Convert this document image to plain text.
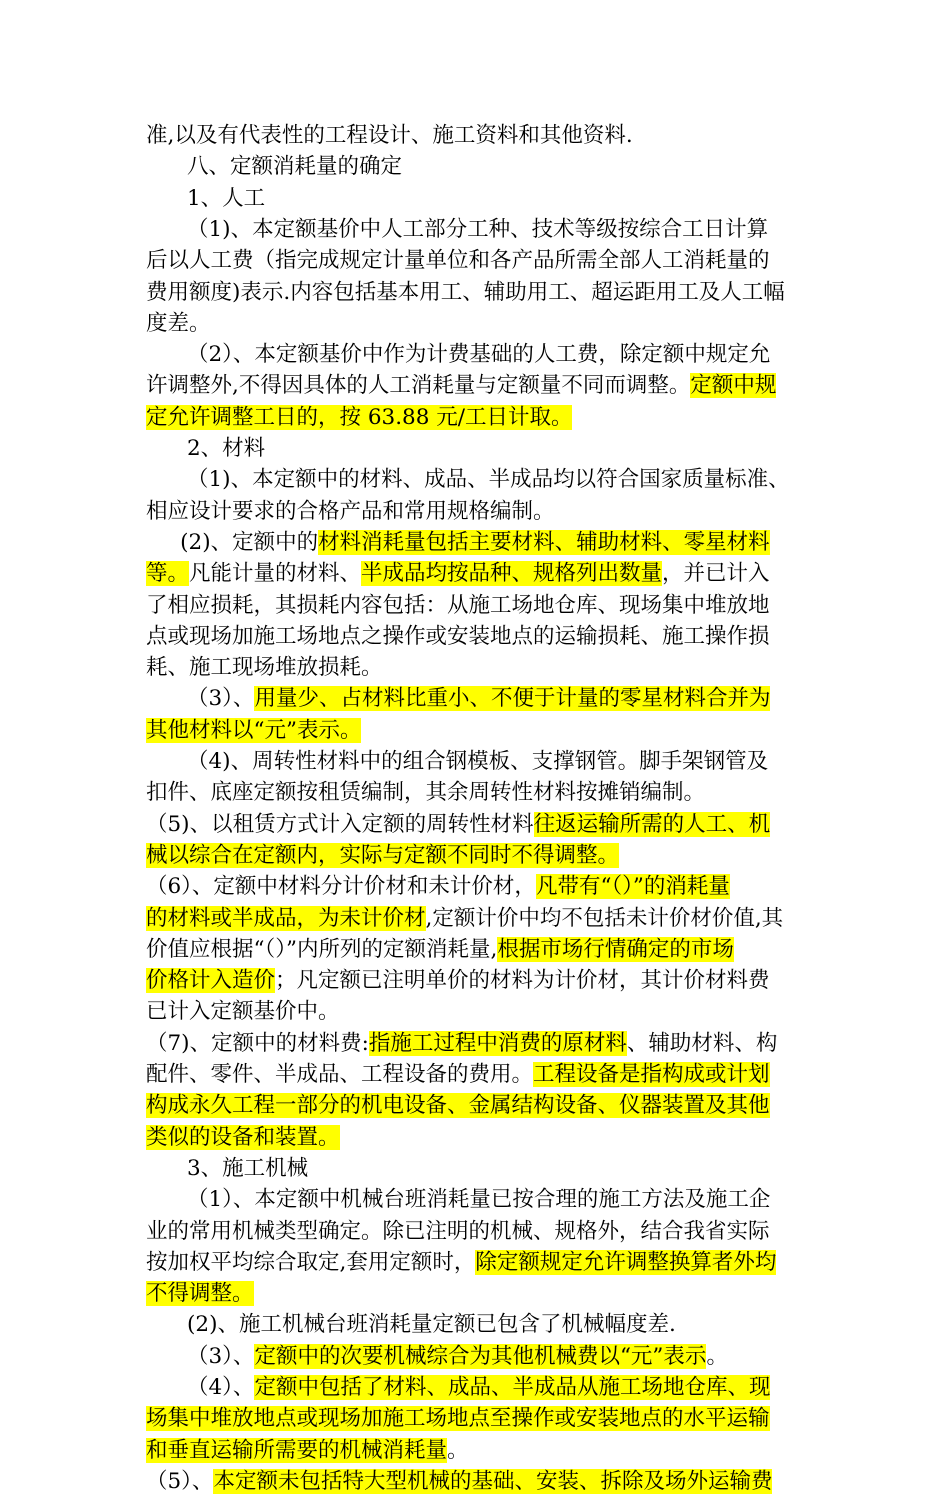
准,以及有代表性的工程设计、施工资料和其他资料.
八、定额消耗量的确定
1、人工
（1)、本定额基价中人工部分工种、技术等级按综合工日计算
后以人工费（指完成规定计量单位和各产品所需全部人工消耗量的
费用额度)表示.内容包括基本用工、辅助用工、超运距用工及人工幅
度差。
（2）、本定额基价中作为计费基础的人工费，除定额中规定允
许调整外,不得因具体的人工消耗量与定额量不同而调整。定额中规
定允许调整工日的，按 63.88 元/工日计取。
2、材料
（1)、本定额中的材料、成品、半成品均以符合国家质量标准、
相应设计要求的合格产品和常用规格编制。
(2)、定额中的材料消耗量包括主要材料、辅助材料、零星材料
等。凡能计量的材料、半成品均按品种、规格列出数量，并已计入
了相应损耗，其损耗内容包括：从施工场地仓库、现场集中堆放地
点或现场加施工场地点之操作或安装地点的运输损耗、施工操作损
耗、施工现场堆放损耗。
（3）、用量少、占材料比重小、不便于计量的零星材料合并为
其他材料以“元”表示。
（4)、周转性材料中的组合钢模板、支撑钢管。脚手架钢管及
扣件、底座定额按租赁编制，其余周转性材料按摊销编制。
（5)、以租赁方式计入定额的周转性材料往返运输所需的人工、机
械以综合在定额内，实际与定额不同时不得调整。
（6）、定额中材料分计价材和未计价材，凡带有“（）”的消耗量
的材料或半成品，为未计价材,定额计价中均不包括未计价材价值,其
价值应根据“（）”内所列的定额消耗量,根据市场行情确定的市场
价格计入造价；凡定额已注明单价的材料为计价材，其计价材料费
已计入定额基价中。
（7)、定额中的材料费:指施工过程中消费的原材料、辅助材料、构
配件、零件、半成品、工程设备的费用。工程设备是指构成或计划
构成永久工程一部分的机电设备、金属结构设备、仪器装置及其他
类似的设备和装置。
3、施工机械
（1）、本定额中机械台班消耗量已按合理的施工方法及施工企
业的常用机械类型确定。除已注明的机械、规格外，结合我省实际
按加权平均综合取定,套用定额时，除定额规定允许调整换算者外均
不得调整。
(2)、施工机械台班消耗量定额已包含了机械幅度差.
（3）、定额中的次要机械综合为其他机械费以“元”表示。
（4）、定额中包括了材料、成品、半成品从施工场地仓库、现
场集中堆放地点或现场加施工场地点至操作或安装地点的水平运输
和垂直运输所需要的机械消耗量。
（5）、本定额未包括特大型机械的基础、安装、拆除及场外运输费
